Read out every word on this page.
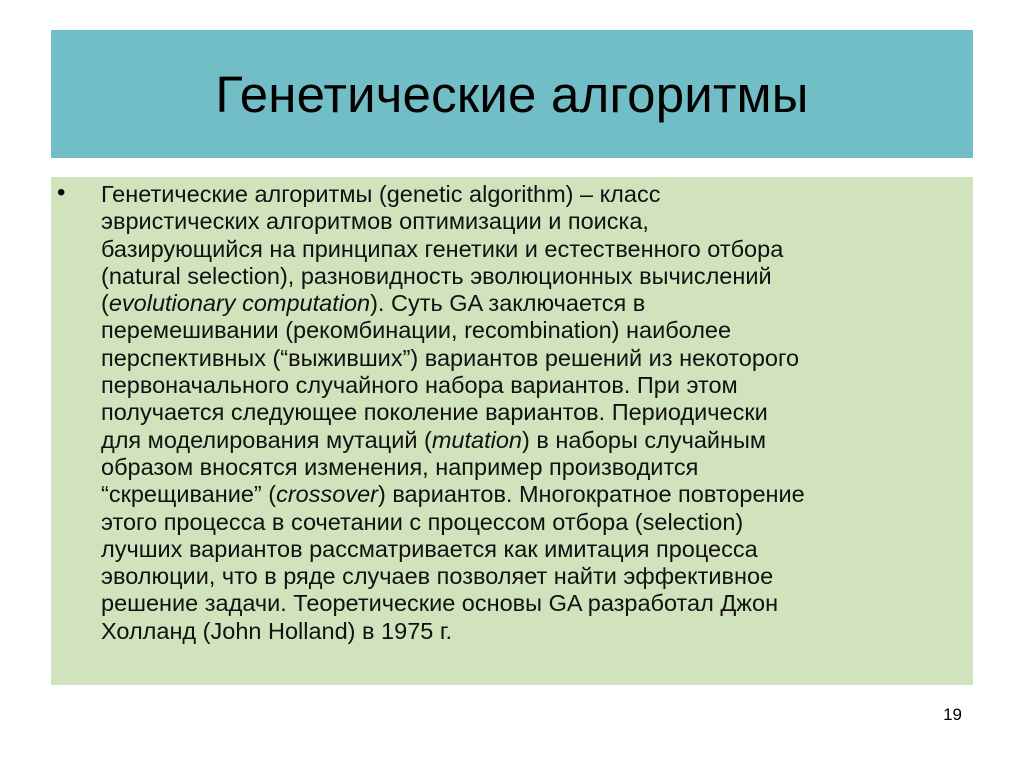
Генетические алгоритмы
• Генетические алгоритмы (genetic algorithm) – класс
эвристических алгоритмов оптимизации и поиска,
базирующийся на принципах генетики и естественного отбора
(natural selection), разновидность эволюционных вычислений
(evolutionary computation). Суть GA заключается в
перемешивании (рекомбинации, recombination) наиболее
перспективных (“выживших”) вариантов решений из некоторого
первоначального случайного набора вариантов. При этом
получается следующее поколение вариантов. Периодически
для моделирования мутаций (mutation) в наборы случайным
образом вносятся изменения, например производится
“скрещивание” (crossover) вариантов. Многократное повторение
этого процесса в сочетании с процессом отбора (selection)
лучших вариантов рассматривается как имитация процесса
эволюции, что в ряде случаев позволяет найти эффективное
решение задачи. Теоретические основы GA разработал Джон
Холланд (John Holland) в 1975 г.
19
